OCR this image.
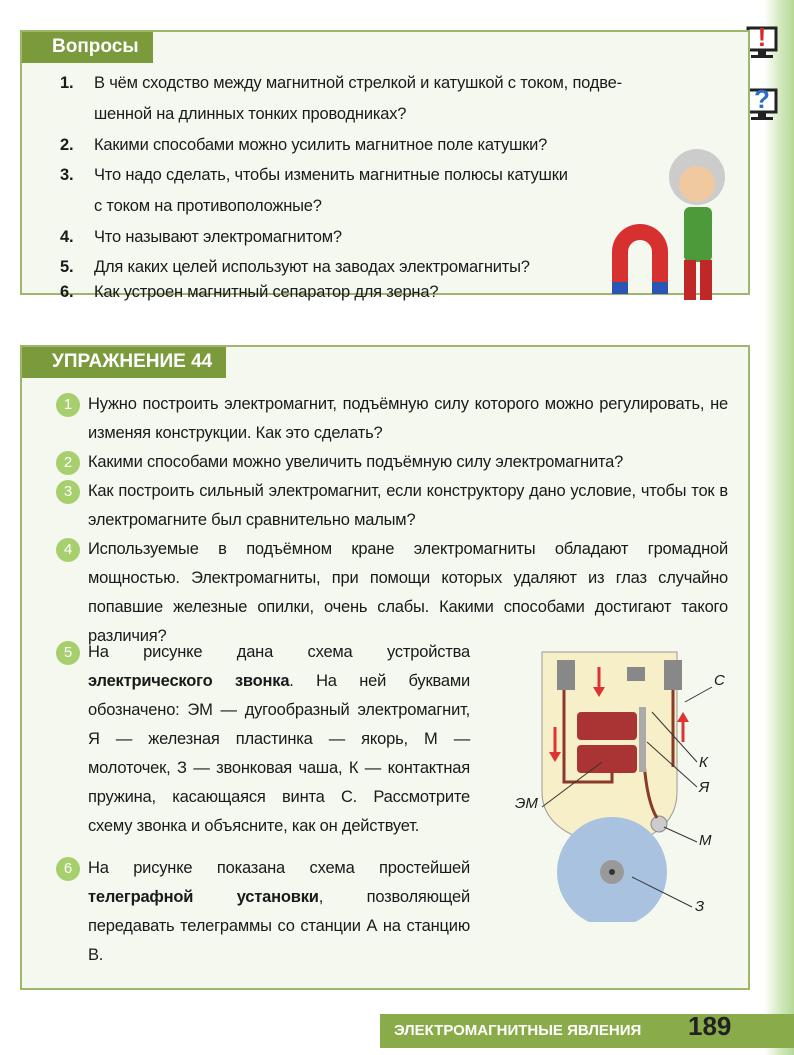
!
?
Вопросы
1. В чём сходство между магнитной стрелкой и катушкой с током, подве-
шенной на длинных тонких проводниках?
2. Какими способами можно усилить магнитное поле катушки?
3. Что надо сделать, чтобы изменить магнитные полюсы катушки
с током на противоположные?
4. Что называют электромагнитом?
5. Для каких целей используют на заводах электромагниты?
6. Как устроен магнитный сепаратор для зерна?
УПРАЖНЕНИЕ 44
1 Нужно построить электромагнит, подъёмную силу которого можно регулировать, не изменяя конструкции. Как это сделать?
2 Какими способами можно увеличить подъёмную силу электромагнита?
3 Как построить сильный электромагнит, если конструктору дано условие, чтобы ток в электромагните был сравнительно малым?
4 Используемые в подъёмном кране электромагниты обладают громадной мощностью. Электромагниты, при помощи которых удаляют из глаз случайно попавшие железные опилки, очень слабы. Какими способами достигают такого различия?
5 На рисунке дана схема устройства электрического звонка. На ней буквами обозначено: ЭМ — дугообразный электромагнит, Я — железная пластинка — якорь, М — молоточек, З — звонковая чаша, К — контактная пружина, касающаяся винта С. Рассмотрите схему звонка и объясните, как он действует.
6 На рисунке показана схема простейшей телеграфной установки, позволяющей передавать телеграммы со станции А на станцию В.
С
К
Я
ЭМ
М
З
ЭЛЕКТРОМАГНИТНЫЕ ЯВЛЕНИЯ	189
